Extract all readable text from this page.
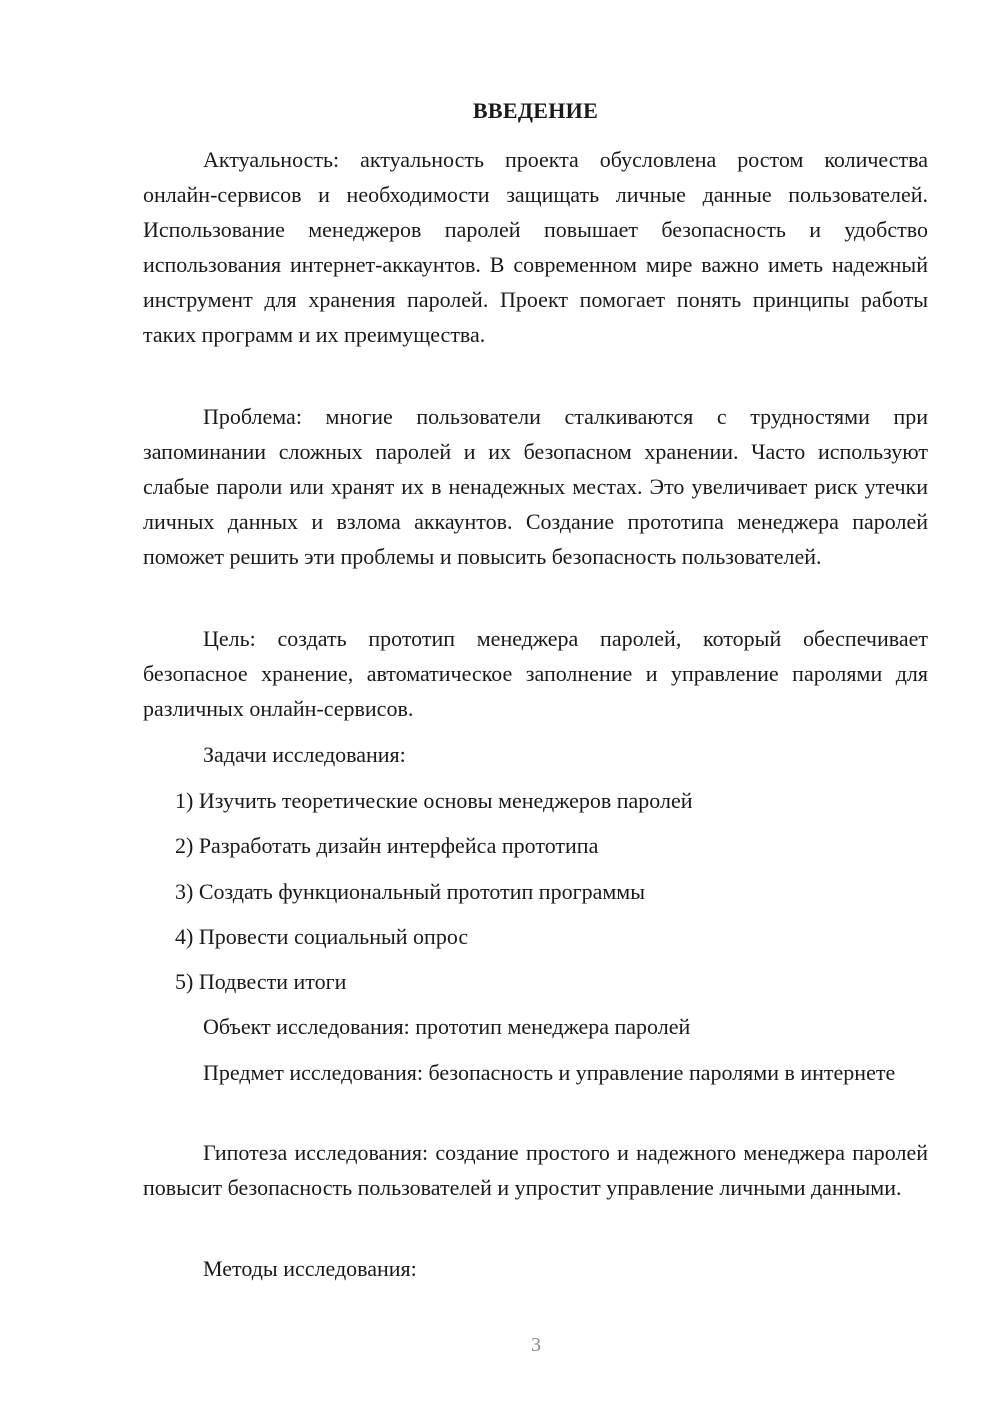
ВВЕДЕНИЕ

Актуальность: актуальность проекта обусловлена ростом количества онлайн-сервисов и необходимости защищать личные данные пользователей. Использование менеджеров паролей повышает безопасность и удобство использования интернет-аккаунтов. В современном мире важно иметь надежный инструмент для хранения паролей. Проект помогает понять принципы работы таких программ и их преимущества.

Проблема: многие пользователи сталкиваются с трудностями при запоминании сложных паролей и их безопасном хранении. Часто используют слабые пароли или хранят их в ненадежных местах. Это увеличивает риск утечки личных данных и взлома аккаунтов. Создание прототипа менеджера паролей поможет решить эти проблемы и повысить безопасность пользователей.

Цель: создать прототип менеджера паролей, который обеспечивает безопасное хранение, автоматическое заполнение и управление паролями для различных онлайн-сервисов.

Задачи исследования:

1) Изучить теоретические основы менеджеров паролей

2) Разработать дизайн интерфейса прототипа

3) Создать функциональный прототип программы

4) Провести социальный опрос

5) Подвести итоги

Объект исследования: прототип менеджера паролей

Предмет исследования: безопасность и управление паролями в интернете

Гипотеза исследования: создание простого и надежного менеджера паролей повысит безопасность пользователей и упростит управление личными данными.

Методы исследования:

3
